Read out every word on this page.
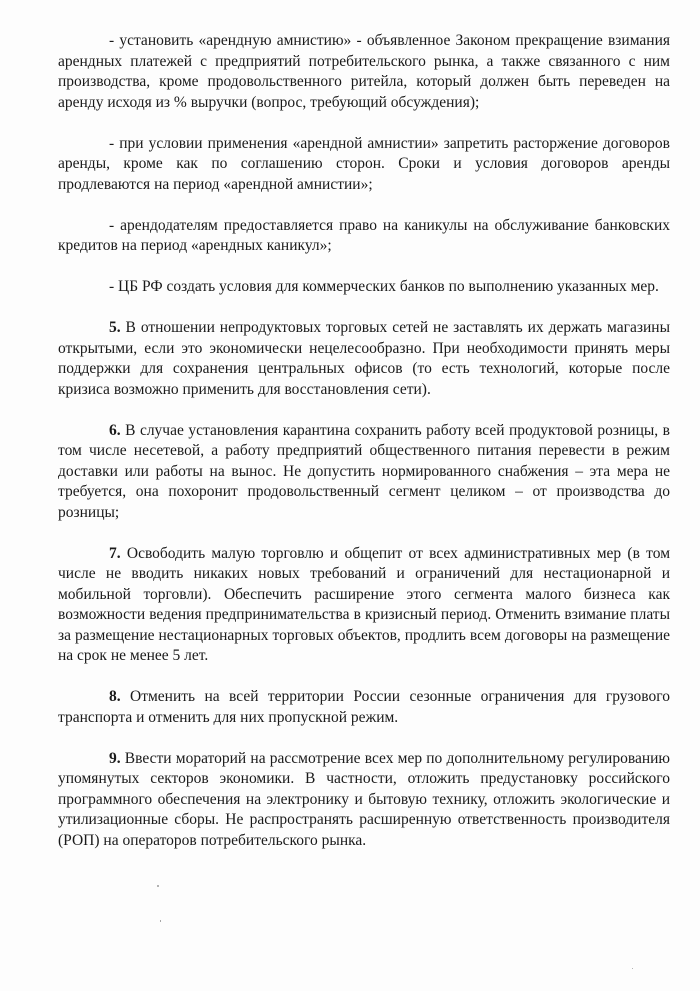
- установить «арендную амнистию» - объявленное Законом прекращение взимания арендных платежей с предприятий потребительского рынка, а также связанного с ним производства, кроме продовольственного ритейла, который должен быть переведен на аренду исходя из % выручки (вопрос, требующий обсуждения);

- при условии применения «арендной амнистии» запретить расторжение договоров аренды, кроме как по соглашению сторон. Сроки и условия договоров аренды продлеваются на период «арендной амнистии»;

- арендодателям предоставляется право на каникулы на обслуживание банковских кредитов на период «арендных каникул»;

- ЦБ РФ создать условия для коммерческих банков по выполнению указанных мер.

5. В отношении непродуктовых торговых сетей не заставлять их держать магазины открытыми, если это экономически нецелесообразно. При необходимости принять меры поддержки для сохранения центральных офисов (то есть технологий, которые после кризиса возможно применить для восстановления сети).

6. В случае установления карантина сохранить работу всей продуктовой розницы, в том числе несетевой, а работу предприятий общественного питания перевести в режим доставки или работы на вынос. Не допустить нормированного снабжения – эта мера не требуется, она похоронит продовольственный сегмент целиком – от производства до розницы;

7. Освободить малую торговлю и общепит от всех административных мер (в том числе не вводить никаких новых требований и ограничений для нестационарной и мобильной торговли). Обеспечить расширение этого сегмента малого бизнеса как возможности ведения предпринимательства в кризисный период. Отменить взимание платы за размещение нестационарных торговых объектов, продлить всем договоры на размещение на срок не менее 5 лет.

8. Отменить на всей территории России сезонные ограничения для грузового транспорта и отменить для них пропускной режим.

9. Ввести мораторий на рассмотрение всех мер по дополнительному регулированию упомянутых секторов экономики. В частности, отложить предустановку российского программного обеспечения на электронику и бытовую технику, отложить экологические и утилизационные сборы. Не распространять расширенную ответственность производителя (РОП) на операторов потребительского рынка.
